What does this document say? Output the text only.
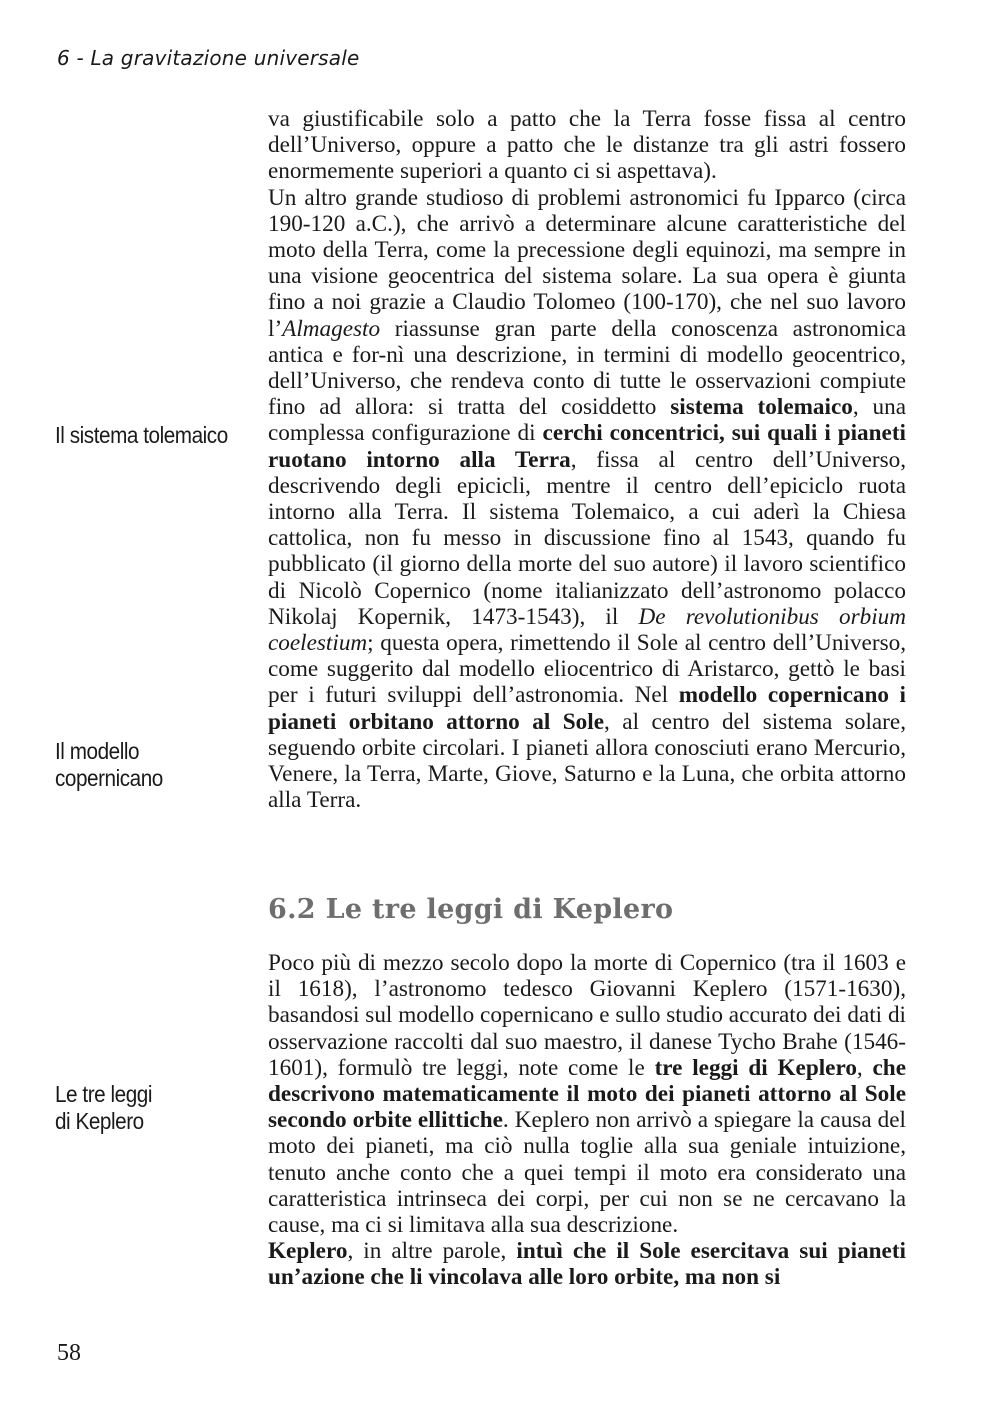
6 - La gravitazione universale
Il sistema tolemaico
Il modello
copernicano
Le tre leggi
di Keplero

va giustificabile solo a patto che la Terra fosse fissa al centro dell’Universo, oppure a patto che le distanze tra gli astri fossero enormemente superiori a quanto ci si aspettava).

Un altro grande studioso di problemi astronomici fu Ipparco (circa 190-120 a.C.), che arrivò a determinare alcune caratteristiche del moto della Terra, come la precessione degli equinozi, ma sempre in una visione geocentrica del sistema solare. La sua opera è giunta fino a noi grazie a Claudio Tolomeo (100-170), che nel suo lavoro l’Almagesto riassunse gran parte della conoscenza astronomica antica e for-nì una descrizione, in termini di modello geocentrico, dell’Universo, che rendeva conto di tutte le osservazioni compiute fino ad allora: si tratta del cosiddetto sistema tolemaico, una complessa configurazione di cerchi concentrici, sui quali i pianeti ruotano intorno alla Terra, fissa al centro dell’Universo, descrivendo degli epicicli, mentre il centro dell’epiciclo ruota intorno alla Terra. Il sistema Tolemaico, a cui aderì la Chiesa cattolica, non fu messo in discussione fino al 1543, quando fu pubblicato (il giorno della morte del suo autore) il lavoro scientifico di Nicolò Copernico (nome italianizzato dell’astronomo polacco Nikolaj Kopernik, 1473-1543), il De revolutionibus orbium coelestium; questa opera, rimettendo il Sole al centro dell’Universo, come suggerito dal modello eliocentrico di Aristarco, gettò le basi per i futuri sviluppi dell’astronomia. Nel modello copernicano i pianeti orbitano attorno al Sole, al centro del sistema solare, seguendo orbite circolari. I pianeti allora conosciuti erano Mercurio, Venere, la Terra, Marte, Giove, Saturno e la Luna, che orbita attorno alla Terra.

6.2 Le tre leggi di Keplero

Poco più di mezzo secolo dopo la morte di Copernico (tra il 1603 e il 1618), l’astronomo tedesco Giovanni Keplero (1571-1630), basandosi sul modello copernicano e sullo studio accurato dei dati di osservazione raccolti dal suo maestro, il danese Tycho Brahe (1546-1601), formulò tre leggi, note come le tre leggi di Keplero, che descrivono matematicamente il moto dei pianeti attorno al Sole secondo orbite ellittiche. Keplero non arrivò a spiegare la causa del moto dei pianeti, ma ciò nulla toglie alla sua geniale intuizione, tenuto anche conto che a quei tempi il moto era considerato una caratteristica intrinseca dei corpi, per cui non se ne cercavano la cause, ma ci si limitava alla sua descrizione.

Keplero, in altre parole, intuì che il Sole esercitava sui pianeti un’azione che li vincolava alle loro orbite, ma non si

58
